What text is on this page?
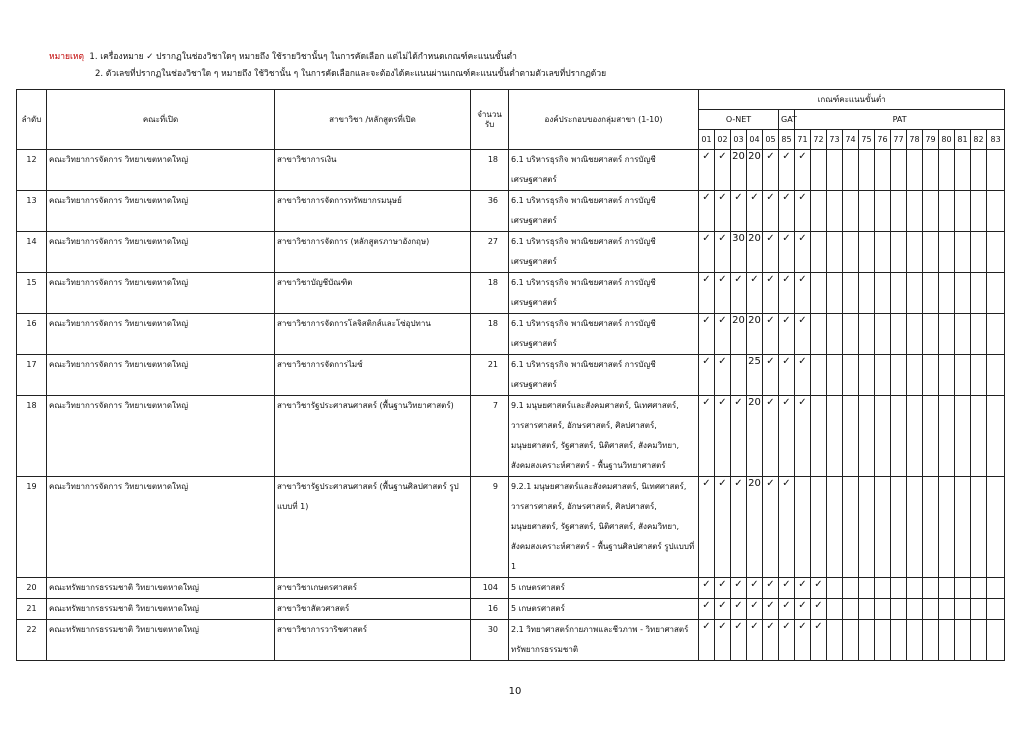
หมายเหตุ 1. เครื่องหมาย ✓ ปรากฏในช่องวิชาใดๆ หมายถึง ใช้รายวิชานั้นๆ ในการคัดเลือก แต่ไม่ได้กำหนดเกณฑ์คะแนนขั้นต่ำ
2. ตัวเลขที่ปรากฏในช่องวิชาใด ๆ หมายถึง ใช้วิชานั้น ๆ ในการคัดเลือกและจะต้องได้คะแนนผ่านเกณฑ์คะแนนขั้นต่ำตามตัวเลขที่ปรากฏด้วย
ลำดับ	คณะที่เปิด	สาขาวิชา /หลักสูตรที่เปิด	จำนวนรับ	องค์ประกอบของกลุ่มสาขา (1-10)	เกณฑ์คะแนนขั้นต่ำ																		
					O-NET					GAT	PAT												
					01	02	03	04	05	85	71	72	73	74	75	76	77	78	79	80	81	82	83
12	คณะวิทยาการจัดการ วิทยาเขตหาดใหญ่	สาขาวิชาการเงิน	18	6.1 บริหารธุรกิจ พาณิชยศาสตร์ การบัญชี เศรษฐศาสตร์	✓	✓	20	20	✓	✓	✓												
13	คณะวิทยาการจัดการ วิทยาเขตหาดใหญ่	สาขาวิชาการจัดการทรัพยากรมนุษย์	36	6.1 บริหารธุรกิจ พาณิชยศาสตร์ การบัญชี เศรษฐศาสตร์	✓	✓	✓	✓	✓	✓	✓												
14	คณะวิทยาการจัดการ วิทยาเขตหาดใหญ่	สาขาวิชาการจัดการ (หลักสูตรภาษาอังกฤษ)	27	6.1 บริหารธุรกิจ พาณิชยศาสตร์ การบัญชี เศรษฐศาสตร์	✓	✓	30	20	✓	✓	✓												
15	คณะวิทยาการจัดการ วิทยาเขตหาดใหญ่	สาขาวิชาบัญชีบัณฑิต	18	6.1 บริหารธุรกิจ พาณิชยศาสตร์ การบัญชี เศรษฐศาสตร์	✓	✓	✓	✓	✓	✓	✓												
16	คณะวิทยาการจัดการ วิทยาเขตหาดใหญ่	สาขาวิชาการจัดการโลจิสติกส์และโซ่อุปทาน	18	6.1 บริหารธุรกิจ พาณิชยศาสตร์ การบัญชี เศรษฐศาสตร์	✓	✓	20	20	✓	✓	✓												
17	คณะวิทยาการจัดการ วิทยาเขตหาดใหญ่	สาขาวิชาการจัดการไมซ์	21	6.1 บริหารธุรกิจ พาณิชยศาสตร์ การบัญชี เศรษฐศาสตร์	✓	✓		25	✓	✓	✓												
18	คณะวิทยาการจัดการ วิทยาเขตหาดใหญ่	สาขาวิชารัฐประศาสนศาสตร์ (พื้นฐานวิทยาศาสตร์)	7	9.1 มนุษยศาสตร์และสังคมศาสตร์, นิเทศศาสตร์, วารสารศาสตร์, อักษรศาสตร์, ศิลปศาสตร์, มนุษยศาสตร์, รัฐศาสตร์, นิติศาสตร์, สังคมวิทยา, สังคมสงเคราะห์ศาสตร์ - พื้นฐานวิทยาศาสตร์	✓	✓	✓	20	✓	✓	✓												
19	คณะวิทยาการจัดการ วิทยาเขตหาดใหญ่	สาขาวิชารัฐประศาสนศาสตร์ (พื้นฐานศิลปศาสตร์ รูปแบบที่ 1)	9	9.2.1 มนุษยศาสตร์และสังคมศาสตร์, นิเทศศาสตร์, วารสารศาสตร์, อักษรศาสตร์, ศิลปศาสตร์, มนุษยศาสตร์, รัฐศาสตร์, นิติศาสตร์, สังคมวิทยา, สังคมสงเคราะห์ศาสตร์ - พื้นฐานศิลปศาสตร์ รูปแบบที่ 1	✓	✓	✓	20	✓	✓													
20	คณะทรัพยากรธรรมชาติ วิทยาเขตหาดใหญ่	สาขาวิชาเกษตรศาสตร์	104	5 เกษตรศาสตร์	✓	✓	✓	✓	✓	✓	✓	✓											
21	คณะทรัพยากรธรรมชาติ วิทยาเขตหาดใหญ่	สาขาวิชาสัตวศาสตร์	16	5 เกษตรศาสตร์	✓	✓	✓	✓	✓	✓	✓	✓											
22	คณะทรัพยากรธรรมชาติ วิทยาเขตหาดใหญ่	สาขาวิชาการวาริชศาสตร์	30	2.1 วิทยาศาสตร์กายภาพและชีวภาพ - วิทยาศาสตร์ ทรัพยากรธรรมชาติ	✓	✓	✓	✓	✓	✓	✓	✓											
10
